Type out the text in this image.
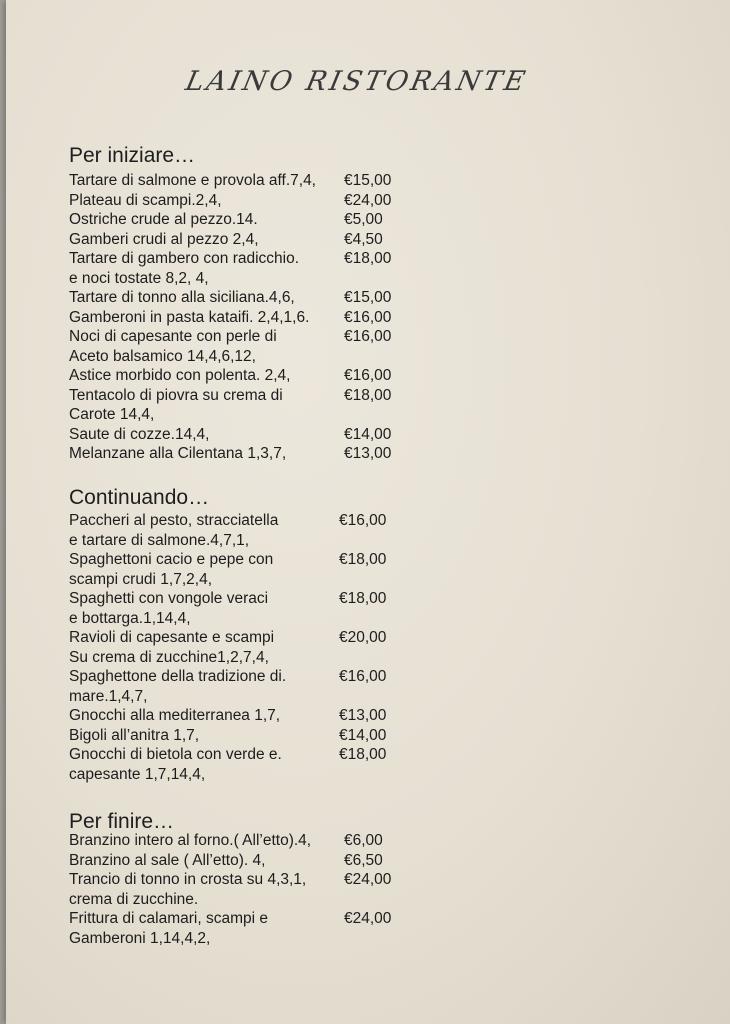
LAINO RISTORANTE
Per iniziare…
Tartare di salmone e provola aff.7,4, €15,00
Plateau di scampi.2,4,	€24,00
Ostriche crude al pezzo.14.	€5,00
Gamberi crudi al pezzo 2,4,	€4,50
Tartare di gambero con radicchio.	€18,00
e noci tostate 8,2, 4,
Tartare di tonno alla siciliana.4,6,	€15,00
Gamberoni in pasta kataifi. 2,4,1,6. €16,00
Noci di capesante con perle di	€16,00
Aceto balsamico 14,4,6,12,
Astice morbido con polenta. 2,4,	€16,00
Tentacolo di piovra su crema di	€18,00
Carote 14,4,
Saute di cozze.14,4,	€14,00
Melanzane alla Cilentana 1,3,7,	€13,00
Continuando…
Paccheri al pesto, stracciatella	€16,00
e tartare di salmone.4,7,1,
Spaghettoni cacio e pepe con	€18,00
scampi crudi 1,7,2,4,
Spaghetti con vongole veraci	€18,00
e bottarga.1,14,4,
Ravioli di capesante e scampi	€20,00
Su crema di zucchine1,2,7,4,
Spaghettone della tradizione di.	€16,00
mare.1,4,7,
Gnocchi alla mediterranea 1,7,	€13,00
Bigoli all’anitra 1,7,	€14,00
Gnocchi di bietola con verde e.	€18,00
capesante 1,7,14,4,
Per finire…
Branzino intero al forno.( All’etto).4, €6,00
Branzino al sale ( All’etto). 4,	€6,50
Trancio di tonno in crosta su 4,3,1, €24,00
crema di zucchine.
Frittura di calamari, scampi e	€24,00
Gamberoni 1,14,4,2,
